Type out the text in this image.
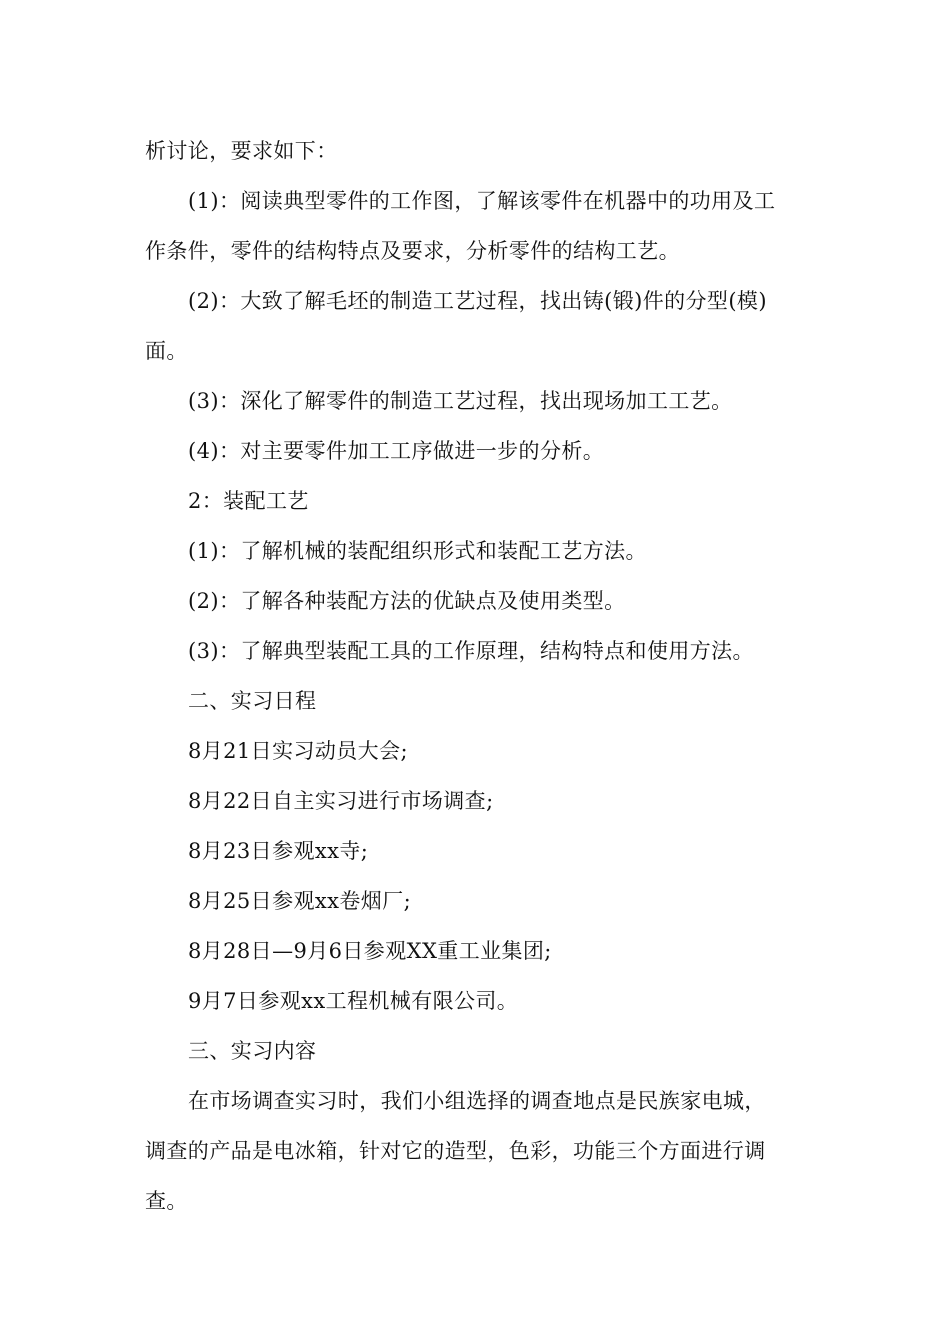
析讨论，要求如下：
(1)：阅读典型零件的工作图，了解该零件在机器中的功用及工
作条件，零件的结构特点及要求，分析零件的结构工艺。
(2)：大致了解毛坯的制造工艺过程，找出铸(锻)件的分型(模)
面。
(3)：深化了解零件的制造工艺过程，找出现场加工工艺。
(4)：对主要零件加工工序做进一步的分析。
2：装配工艺
(1)：了解机械的装配组织形式和装配工艺方法。
(2)：了解各种装配方法的优缺点及使用类型。
(3)：了解典型装配工具的工作原理，结构特点和使用方法。
二、实习日程
8月21日实习动员大会;
8月22日自主实习进行市场调查;
8月23日参观xx寺;
8月25日参观xx卷烟厂;
8月28日—9月6日参观XX重工业集团;
9月7日参观xx工程机械有限公司。
三、实习内容
在市场调查实习时，我们小组选择的调查地点是民族家电城，
调查的产品是电冰箱，针对它的造型，色彩，功能三个方面进行调
查。
